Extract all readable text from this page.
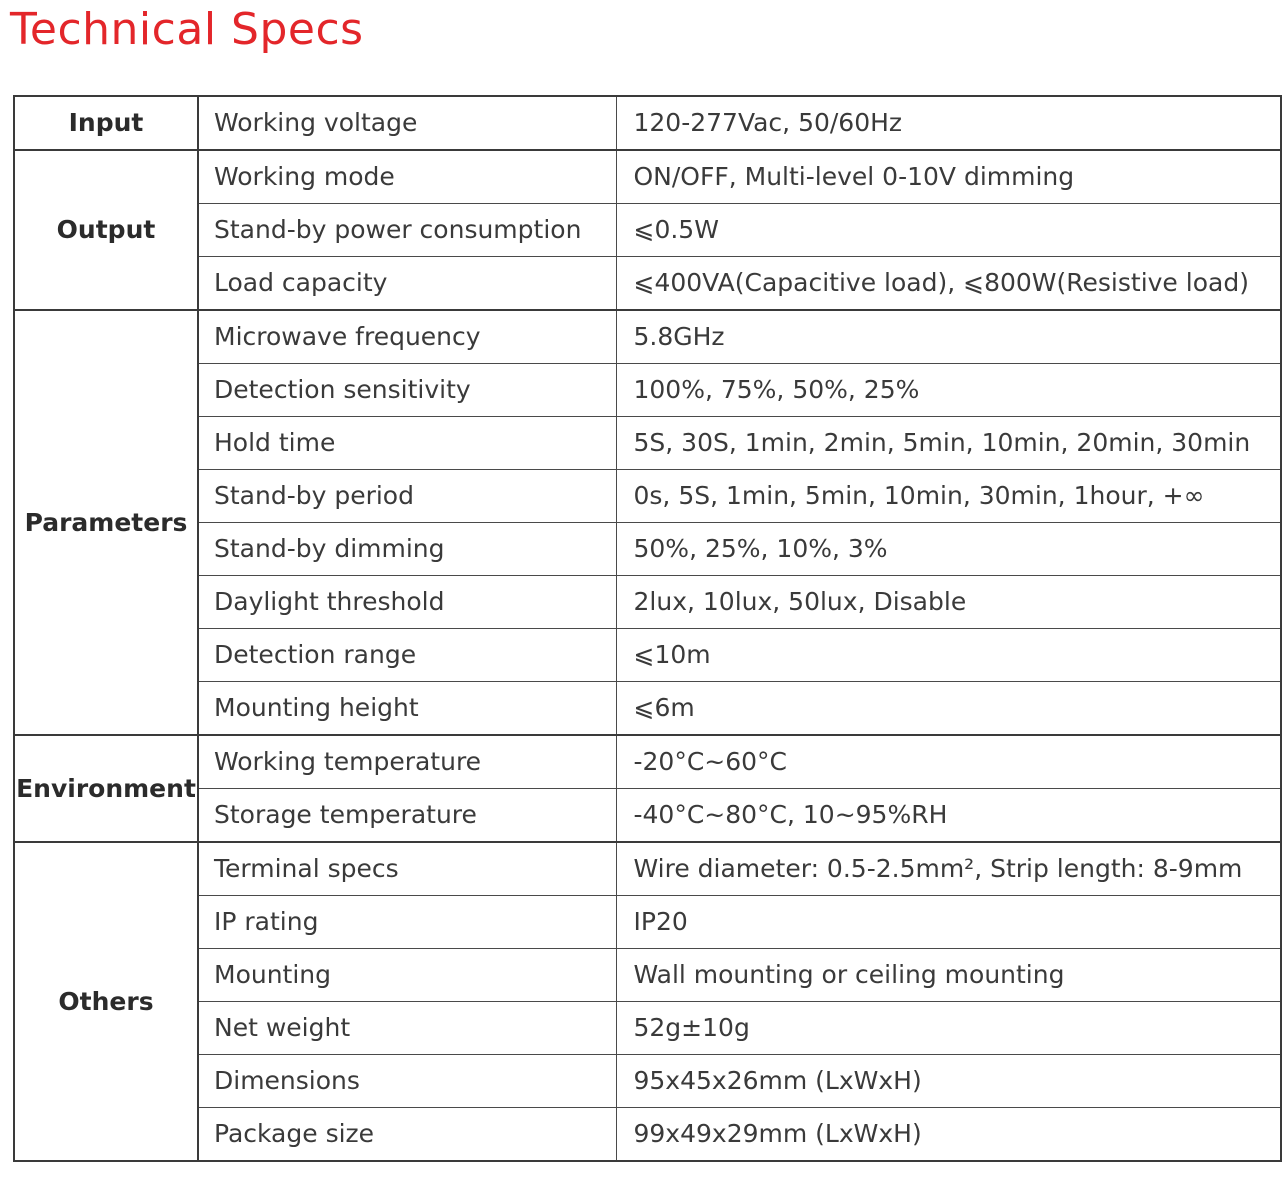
Technical Specs
Input	Working voltage	120-277Vac, 50/60Hz
Output	Working mode	ON/OFF, Multi-level 0-10V dimming
	Stand-by power consumption	⩽0.5W
	Load capacity	⩽400VA(Capacitive load), ⩽800W(Resistive load)
Parameters	Microwave frequency	5.8GHz
	Detection sensitivity	100%, 75%, 50%, 25%
	Hold time	5S, 30S, 1min, 2min, 5min, 10min, 20min, 30min
	Stand-by period	0s, 5S, 1min, 5min, 10min, 30min, 1hour, +∞
	Stand-by dimming	50%, 25%, 10%, 3%
	Daylight threshold	2lux, 10lux, 50lux, Disable
	Detection range	⩽10m
	Mounting height	⩽6m
Environment	Working temperature	-20°C~60°C
	Storage temperature	-40°C~80°C, 10~95%RH
Others	Terminal specs	Wire diameter: 0.5-2.5mm², Strip length: 8-9mm
	IP rating	IP20
	Mounting	Wall mounting or ceiling mounting
	Net weight	52g±10g
	Dimensions	95x45x26mm (LxWxH)
	Package size	99x49x29mm (LxWxH)
